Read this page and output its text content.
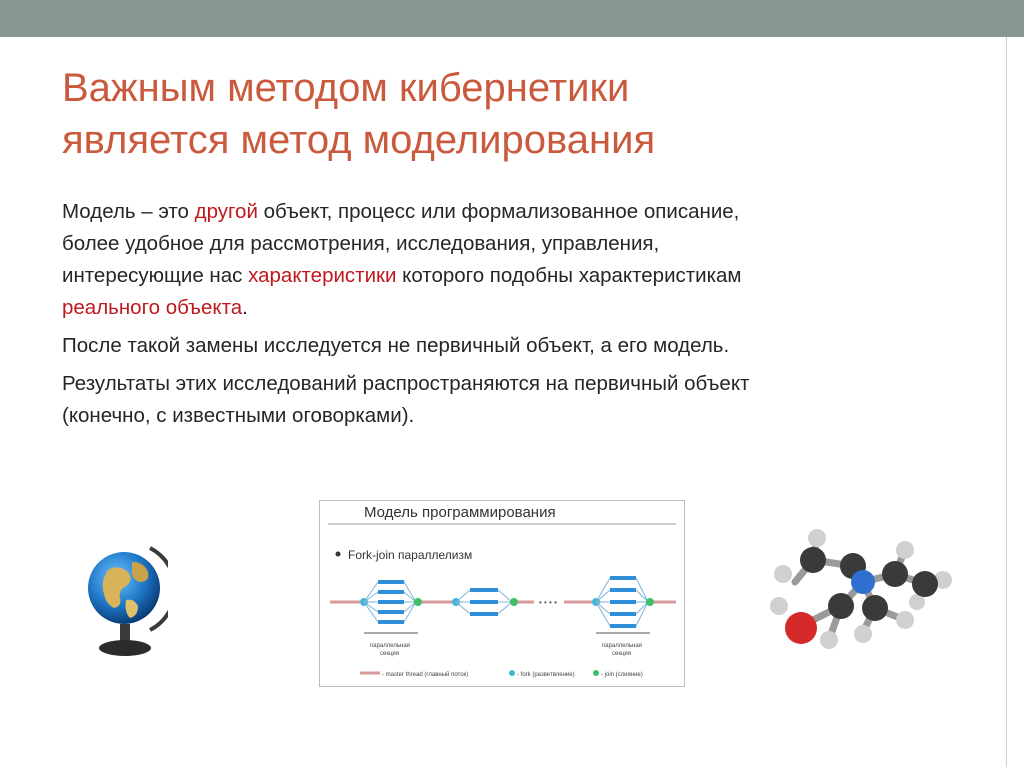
Важным методом кибернетики
является метод моделирования

Модель – это другой объект, процесс или формализованное описание,
более удобное для рассмотрения, исследования, управления,
интересующие нас характеристики которого подобны характеристикам
реального объекта.

После такой замены исследуется не первичный объект, а его модель.

Результаты этих исследований распространяются на первичный объект
(конечно, с известными оговорками).

Модель программирования
Fork-join параллелизм
• • • •
параллельная
секция
параллельная
секция
- master thread (главный поток)	- fork (разветвление)	- join (слияние)
